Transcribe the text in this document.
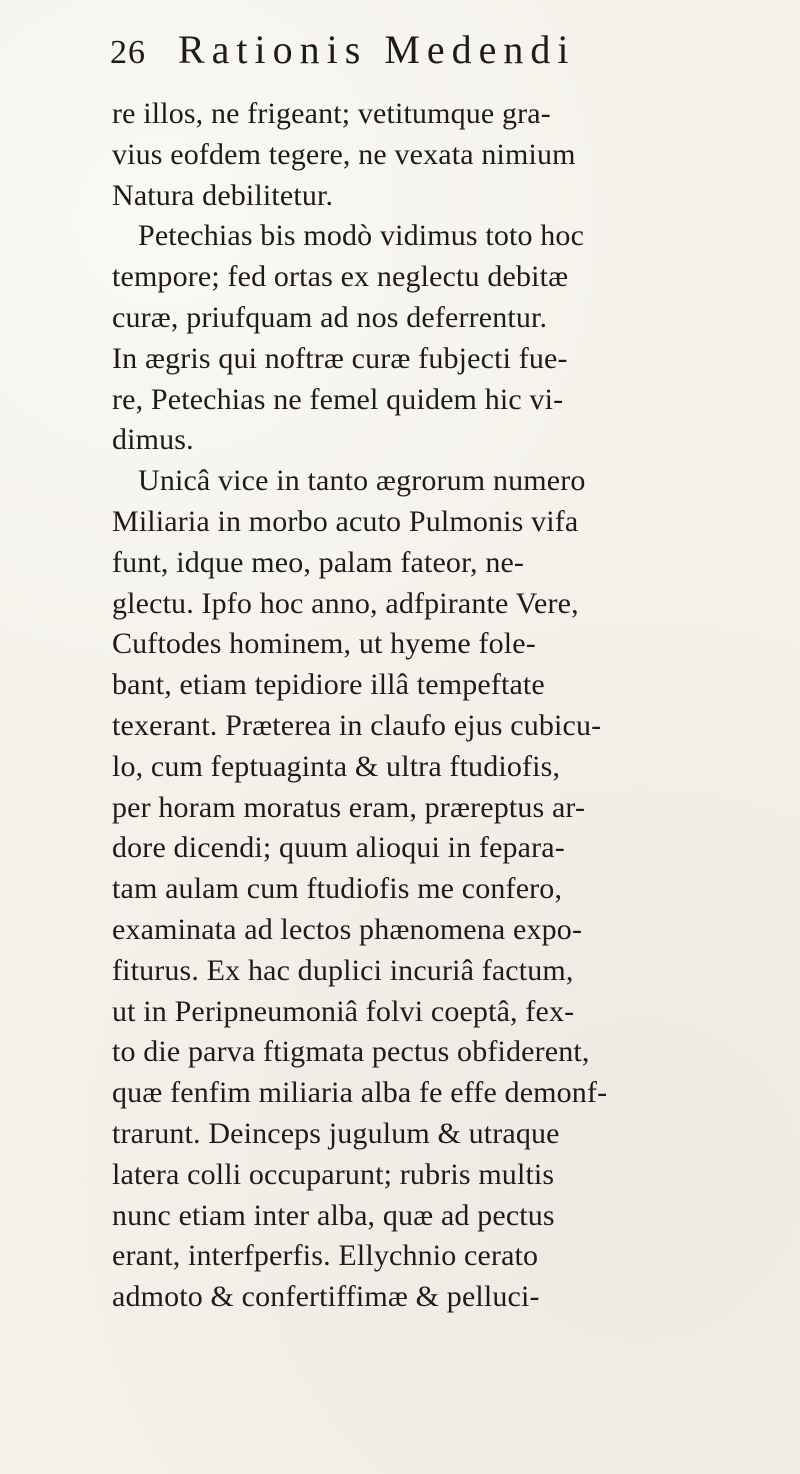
26 Rationis Medendi
re illos, ne frigeant; vetitumque gra-
vius eofdem tegere, ne vexata nimium
Natura debilitetur.
Petechias bis modò vidimus toto hoc
tempore; fed ortas ex neglectu debitæ
curæ, priufquam ad nos deferrentur.
In ægris qui noftræ curæ fubjecti fue-
re, Petechias ne femel quidem hic vi-
dimus.
Unicâ vice in tanto ægrorum numero
Miliaria in morbo acuto Pulmonis vifa
funt, idque meo, palam fateor, ne-
glectu. Ipfo hoc anno, adfpirante Vere,
Cuftodes hominem, ut hyeme fole-
bant, etiam tepidiore illâ tempeftate
texerant. Præterea in claufo ejus cubicu-
lo, cum feptuaginta & ultra ftudiofis,
per horam moratus eram, præreptus ar-
dore dicendi; quum alioqui in fepara-
tam aulam cum ftudiofis me confero,
examinata ad lectos phænomena expo-
fiturus. Ex hac duplici incuriâ factum,
ut in Peripneumoniâ folvi coeptâ, fex-
to die parva ftigmata pectus obfiderent,
quæ fenfim miliaria alba fe effe demonf-
trarunt. Deinceps jugulum & utraque
latera colli occuparunt; rubris multis
nunc etiam inter alba, quæ ad pectus
erant, interfperfis. Ellychnio cerato
admoto & confertiffimæ & pelluci-
